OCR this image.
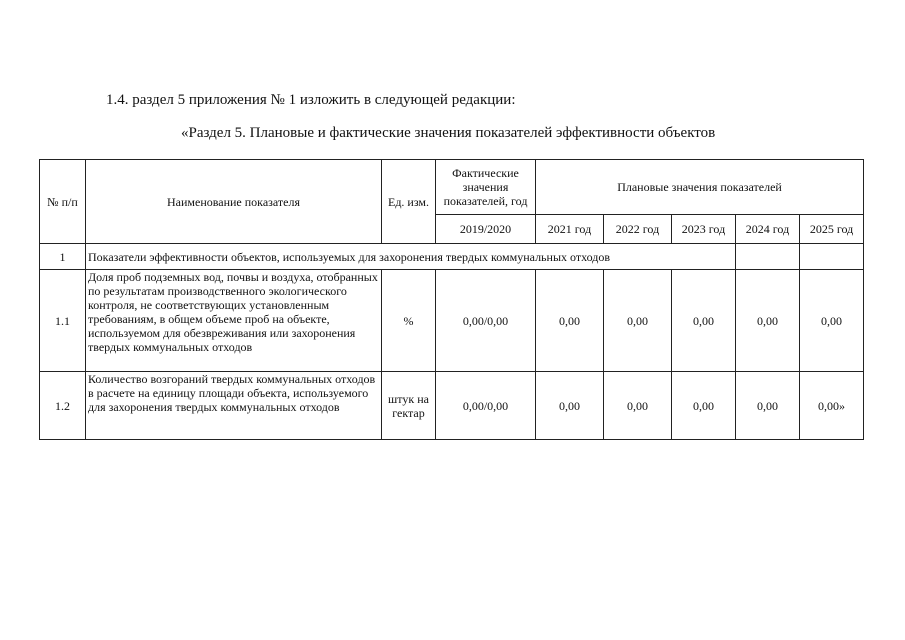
1.4. раздел 5 приложения № 1 изложить в следующей редакции:
«Раздел 5. Плановые и фактические значения показателей эффективности объектов
№ п/п	Наименование показателя	Ед. изм.	Фактические значения показателей, год	Плановые значения показателей				
			2019/2020	2021 год	2022 год	2023 год	2024 год	2025 год
1	Показатели эффективности объектов, используемых для захоронения твердых коммунальных отходов							
1.1	Доля проб подземных вод, почвы и воздуха, отобранных по результатам производственного экологического контроля, не соответствующих установленным требованиям, в общем объеме проб на объекте, используемом для обезвреживания или захоронения твердых коммунальных отходов	%	0,00/0,00	0,00	0,00	0,00	0,00	0,00
1.2	Количество возгораний твердых коммунальных отходов в расчете на единицу площади объекта, используемого для захоронения твердых коммунальных отходов	штук на гектар	0,00/0,00	0,00	0,00	0,00	0,00	0,00»
